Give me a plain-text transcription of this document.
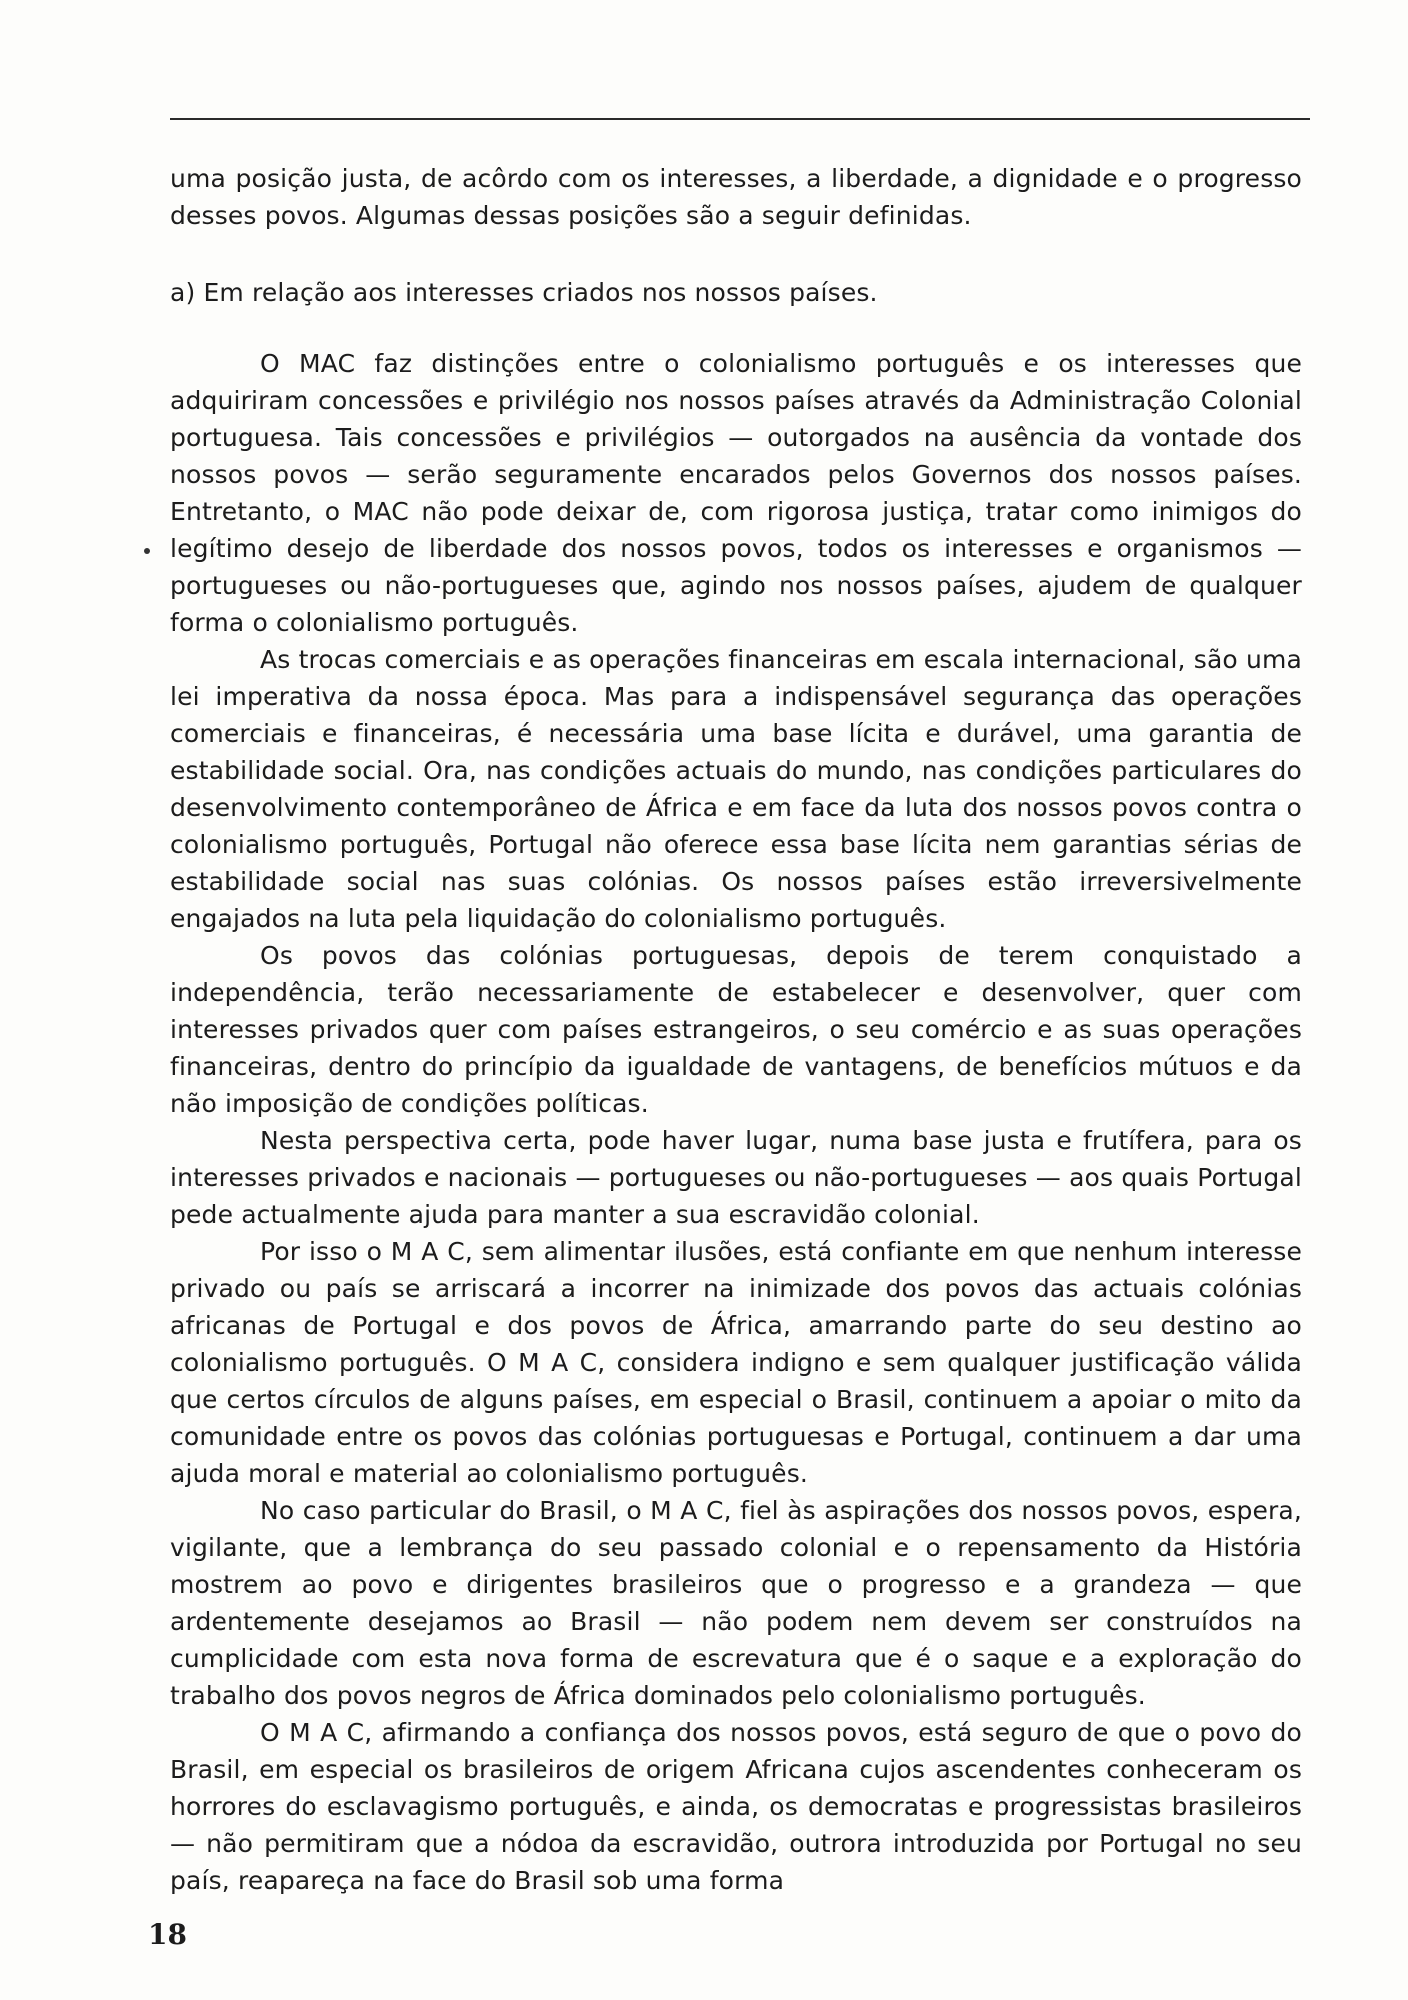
uma posição justa, de acôrdo com os interesses, a liberdade, a dignidade e o progresso desses povos. Algumas dessas posições são a seguir definidas.

a) Em relação aos interesses criados nos nossos países.

O MAC faz distinções entre o colonialismo português e os interesses que adquiriram concessões e privilégio nos nossos países através da Administração Colonial portuguesa. Tais concessões e privilégios — outorgados na ausência da vontade dos nossos povos — serão seguramente encarados pelos Governos dos nossos países. Entretanto, o MAC não pode deixar de, com rigorosa justiça, tratar como inimigos do legítimo desejo de liberdade dos nossos povos, todos os interesses e organismos — portugueses ou não-portugueses que, agindo nos nossos países, ajudem de qualquer forma o colonialismo português.

As trocas comerciais e as operações financeiras em escala internacional, são uma lei imperativa da nossa época. Mas para a indispensável segurança das operações comerciais e financeiras, é necessária uma base lícita e durável, uma garantia de estabilidade social. Ora, nas condições actuais do mundo, nas condições particulares do desenvolvimento contemporâneo de África e em face da luta dos nossos povos contra o colonialismo português, Portugal não oferece essa base lícita nem garantias sérias de estabilidade social nas suas colónias. Os nossos países estão irreversivelmente engajados na luta pela liquidação do colonialismo português.

Os povos das colónias portuguesas, depois de terem conquistado a independência, terão necessariamente de estabelecer e desenvolver, quer com interesses privados quer com países estrangeiros, o seu comércio e as suas operações financeiras, dentro do princípio da igualdade de vantagens, de benefícios mútuos e da não imposição de condições políticas.

Nesta perspectiva certa, pode haver lugar, numa base justa e frutífera, para os interesses privados e nacionais — portugueses ou não-portugueses — aos quais Portugal pede actualmente ajuda para manter a sua escravidão colonial.

Por isso o M A C, sem alimentar ilusões, está confiante em que nenhum interesse privado ou país se arriscará a incorrer na inimizade dos povos das actuais colónias africanas de Portugal e dos povos de África, amarrando parte do seu destino ao colonialismo português. O M A C, considera indigno e sem qualquer justificação válida que certos círculos de alguns países, em especial o Brasil, continuem a apoiar o mito da comunidade entre os povos das colónias portuguesas e Portugal, continuem a dar uma ajuda moral e material ao colonialismo português.

No caso particular do Brasil, o M A C, fiel às aspirações dos nossos povos, espera, vigilante, que a lembrança do seu passado colonial e o repensamento da História mostrem ao povo e dirigentes brasileiros que o progresso e a grandeza — que ardentemente desejamos ao Brasil — não podem nem devem ser construídos na cumplicidade com esta nova forma de escrevatura que é o saque e a exploração do trabalho dos povos negros de África dominados pelo colonialismo português.

O M A C, afirmando a confiança dos nossos povos, está seguro de que o povo do Brasil, em especial os brasileiros de origem Africana cujos ascendentes conheceram os horrores do esclavagismo português, e ainda, os democratas e progressistas brasileiros — não permitiram que a nódoa da escravidão, outrora introduzida por Portugal no seu país, reapareça na face do Brasil sob uma forma

18
